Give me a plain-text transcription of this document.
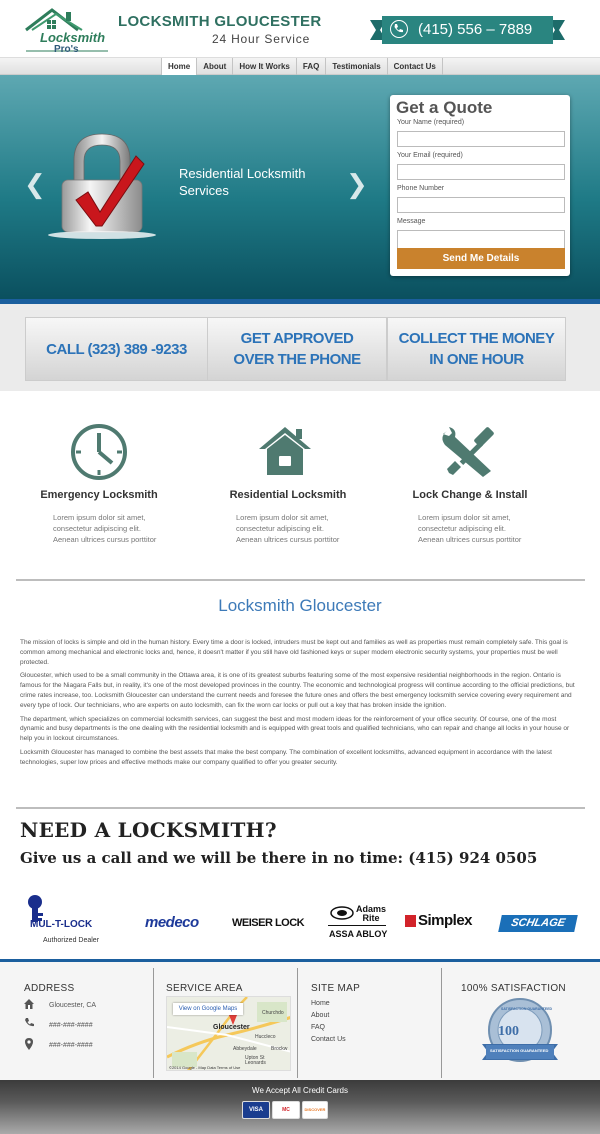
Locksmith
Pro's
LOCKSMITH GLOUCESTER
24 Hour Service
(415) 556 – 7889
Home	About	How It Works	FAQ	Testimonials	Contact Us
❮	❯
Residential Locksmith Services
Get a Quote
Your Name (required)
Your Email (required)
Phone Number
Message
Send Me Details
CALL (323) 389 -9233
GET APPROVED
OVER THE PHONE
COLLECT THE MONEY
IN ONE HOUR
Emergency Locksmith
Lorem ipsum dolor sit amet, consectetur adipiscing elit. Aenean ultrices cursus porttitor
Residential Locksmith
Lorem ipsum dolor sit amet, consectetur adipiscing elit. Aenean ultrices cursus porttitor
Lock Change & Install
Lorem ipsum dolor sit amet, consectetur adipiscing elit. Aenean ultrices cursus porttitor
Locksmith Gloucester

The mission of locks is simple and old in the human history. Every time a door is locked, intruders must be kept out and families as well as properties must remain completely safe. This goal is common among mechanical and electronic locks and, hence, it doesn't matter if you still have old fashioned keys or super modern electronic security systems, your properties must be well protected.

Gloucester, which used to be a small community in the Ottawa area, it is one of its greatest suburbs featuring some of the most expensive residential neighborhoods in the region. Ontario is famous for the Niagara Falls but, in reality, it's one of the most developed provinces in the country. The economic and technological progress will continue according to the official predictions, but crime rates increase, too. Locksmith Gloucester can understand the current needs and foresee the future ones and offers the best emergency locksmith service covering every requirement and every type of lock. Our technicians, who are experts on auto locksmith, can fix the worn car locks or pull out a key that has broken inside the ignition.

The department, which specializes on commercial locksmith services, can suggest the best and most modern ideas for the reinforcement of your office security. Of course, one of the most dynamic and busy departments is the one dealing with the residential locksmith and is equipped with great tools and qualified technicians, who can repair and change all locks in your house or help you in lockout circumstances.

Locksmith Gloucester has managed to combine the best assets that make the best company. The combination of excellent locksmiths, advanced equipment in accordance with the latest technologies, super low prices and effective methods make our company qualified to offer you greater security.

NEED A LOCKSMITH?
Give us a call and we will be there in no time: (415) 924 0505
MUL-T-LOCK
Authorized Dealer
medeco	WEISER LOCK
Adams Rite
ASSA ABLOY
Simplex	SCHLAGE
ADDRESS
Gloucester, CA
###-###-####
###-###-####
SERVICE AREA	SITE MAP
Home
About
FAQ
Contact Us
100% SATISFACTION
100
SATISFACTION GUARANTEED
SATISFACTION GUARANTEED
View on Google Maps
Gloucester
Churchdo
Huccleco
Abbeydale	Brockw
Upton St Leonards
©2014 Google - Map Data Terms of Use
We Accept All Credit Cards
VISA	MC	DISCOVER
